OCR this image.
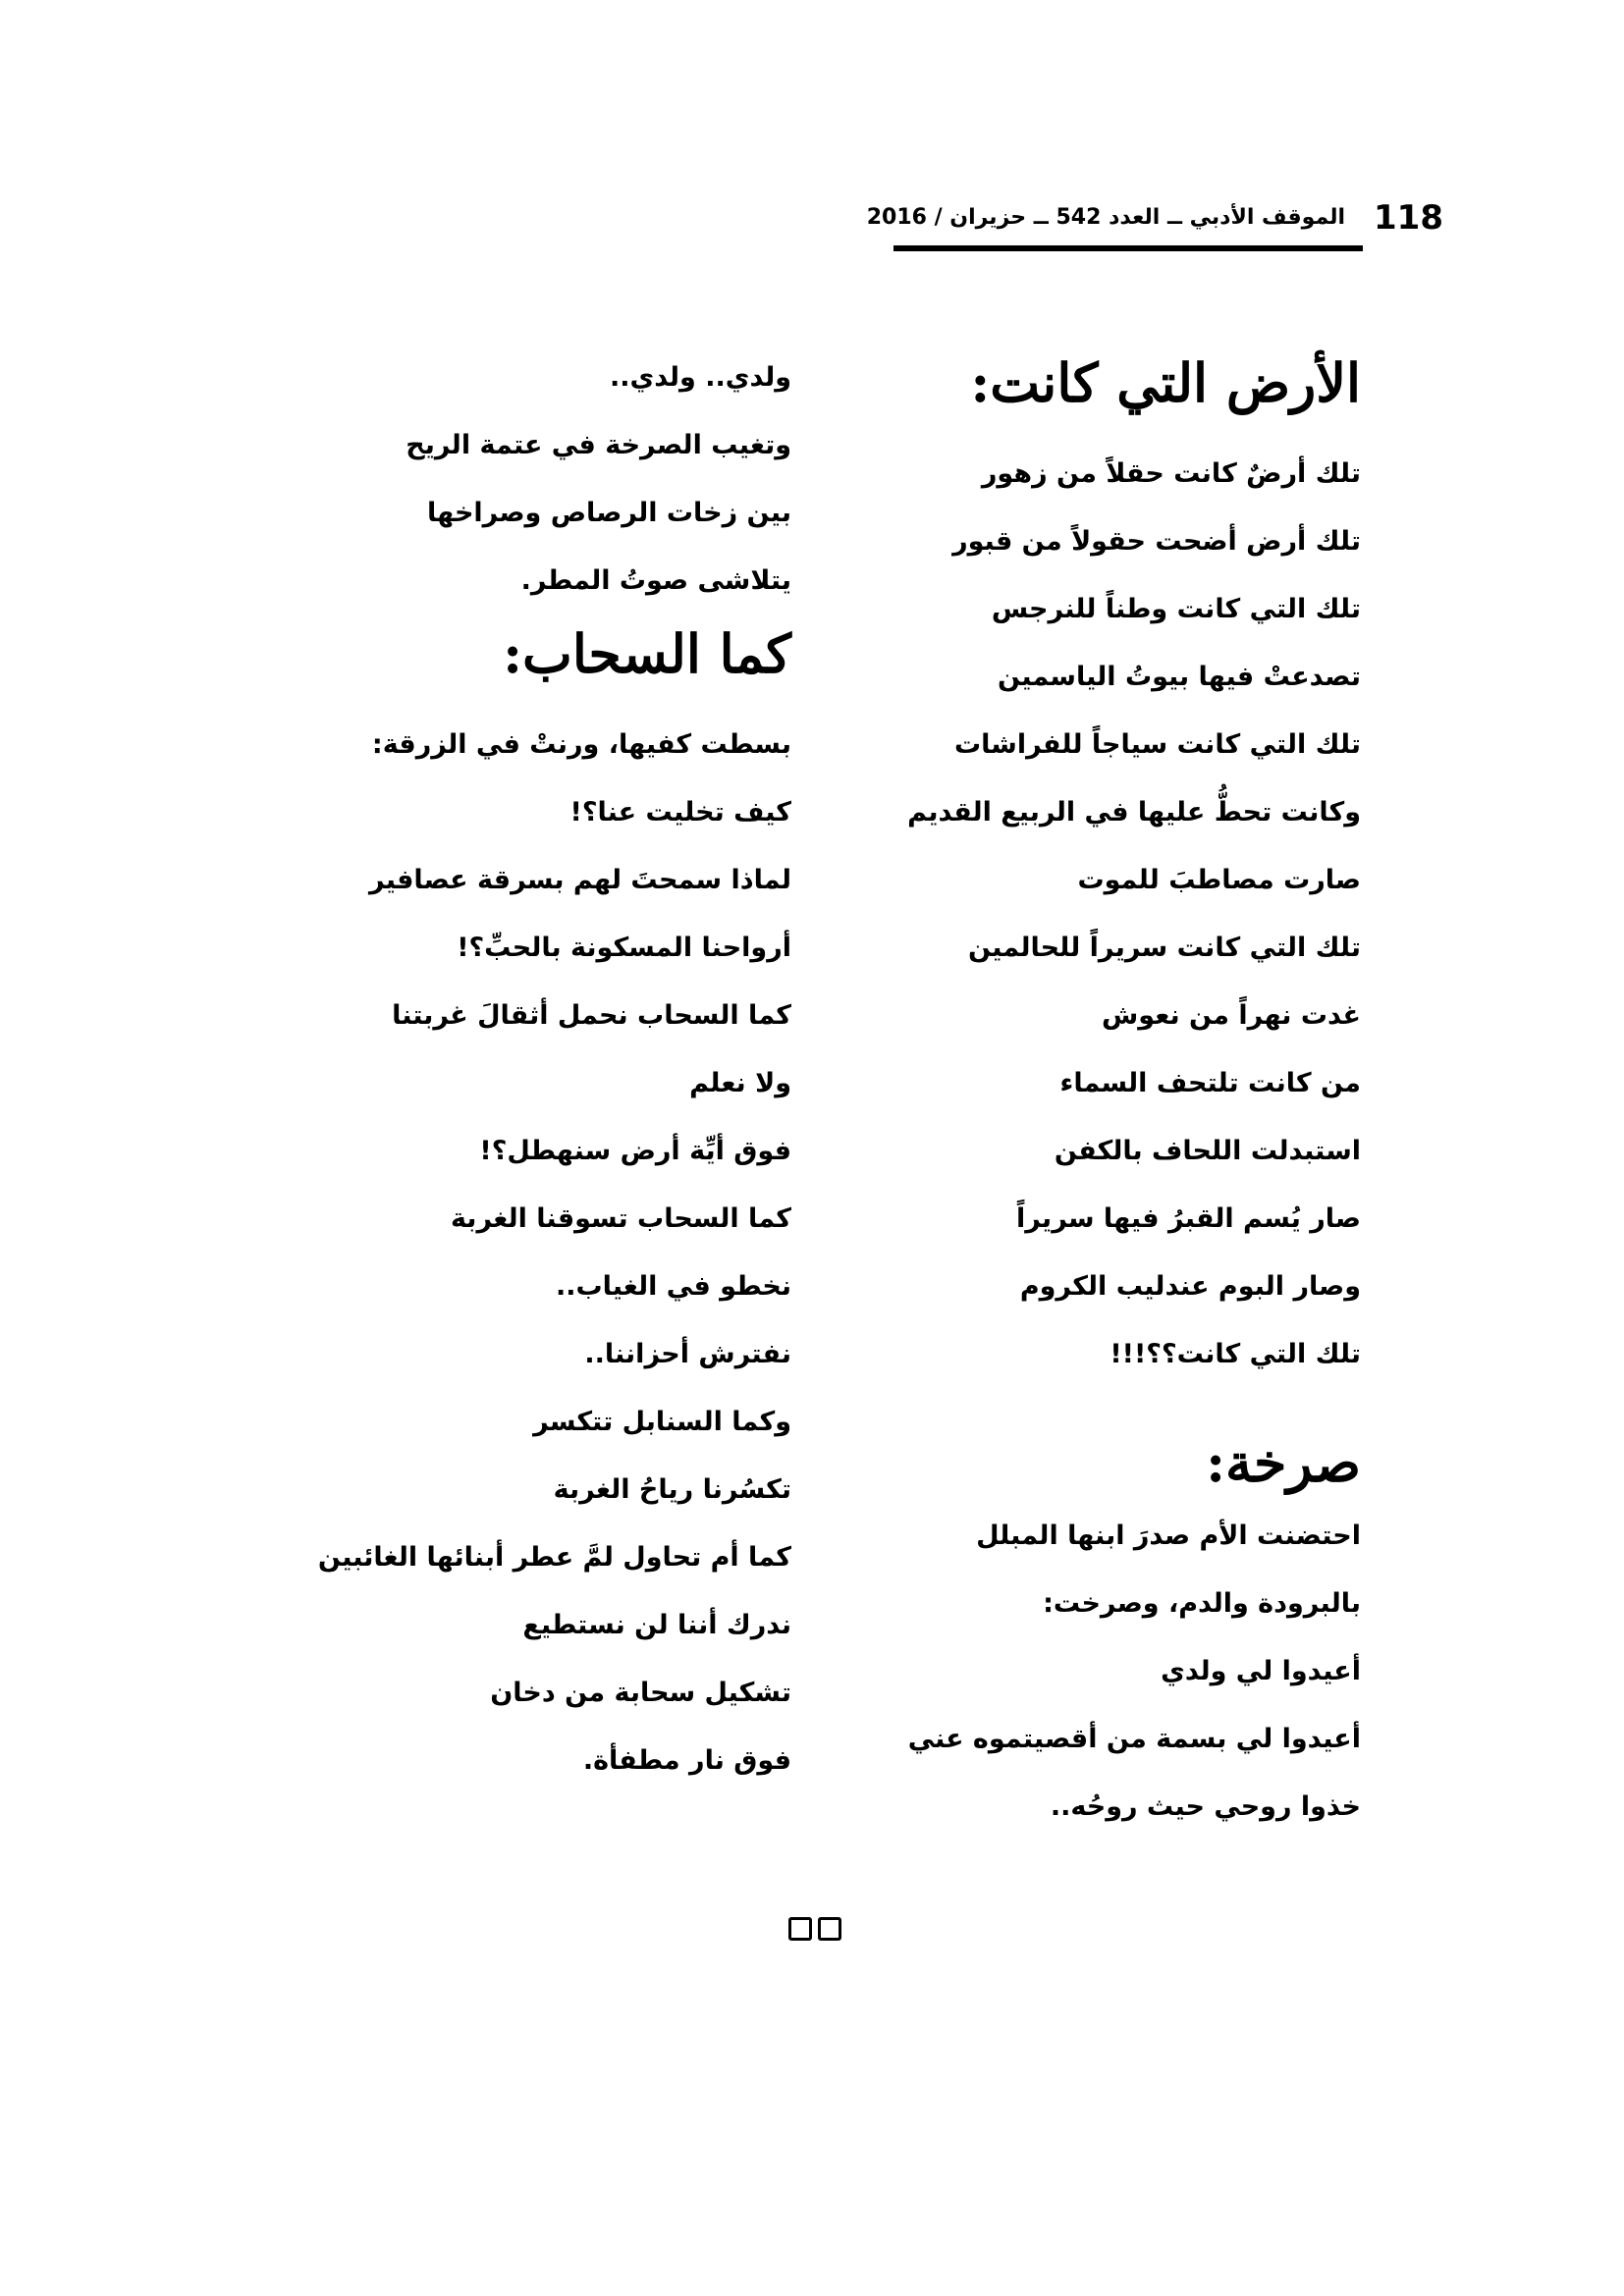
118
الموقف الأدبي ــ العدد 542 ــ حزيران / 2016
الأرض التي كانت:

تلك أرضٌ كانت حقلاً من زهور

تلك أرض أضحت حقولاً من قبور

تلك التي كانت وطناً للنرجس

تصدعتْ فيها بيوتُ الياسمين

تلك التي كانت سياجاً للفراشات

وكانت تحطُّ عليها في الربيع القديم

صارت مصاطبَ للموت

تلك التي كانت سريراً للحالمين

غدت نهراً من نعوش

من كانت تلتحف السماء

استبدلت اللحاف بالكفن

صار يُسم القبرُ فيها سريراً

وصار البوم عندليب الكروم

تلك التي كانت؟؟!!!

صرخة:

احتضنت الأم صدرَ ابنها المبلل

بالبرودة والدم، وصرخت:

أعيدوا لي ولدي

أعيدوا لي بسمة من أقصيتموه عني

خذوا روحي حيث روحُه..

ولدي.. ولدي..

وتغيب الصرخة في عتمة الريح

بين زخات الرصاص وصراخها

يتلاشى صوتُ المطر.

كما السحاب:

بسطت كفيها، ورنتْ في الزرقة:

كيف تخليت عنا؟!

لماذا سمحتَ لهم بسرقة عصافير

أرواحنا المسكونة بالحبِّ؟!

كما السحاب نحمل أثقالَ غربتنا

ولا نعلم

فوق أيِّة أرض سنهطل؟!

كما السحاب تسوقنا الغربة

نخطو في الغياب..

نفترش أحزاننا..

وكما السنابل تتكسر

تكسُرنا رياحُ الغربة

كما أم تحاول لمَّ عطر أبنائها الغائبين

ندرك أننا لن نستطيع

تشكيل سحابة من دخان

فوق نار مطفأة.
